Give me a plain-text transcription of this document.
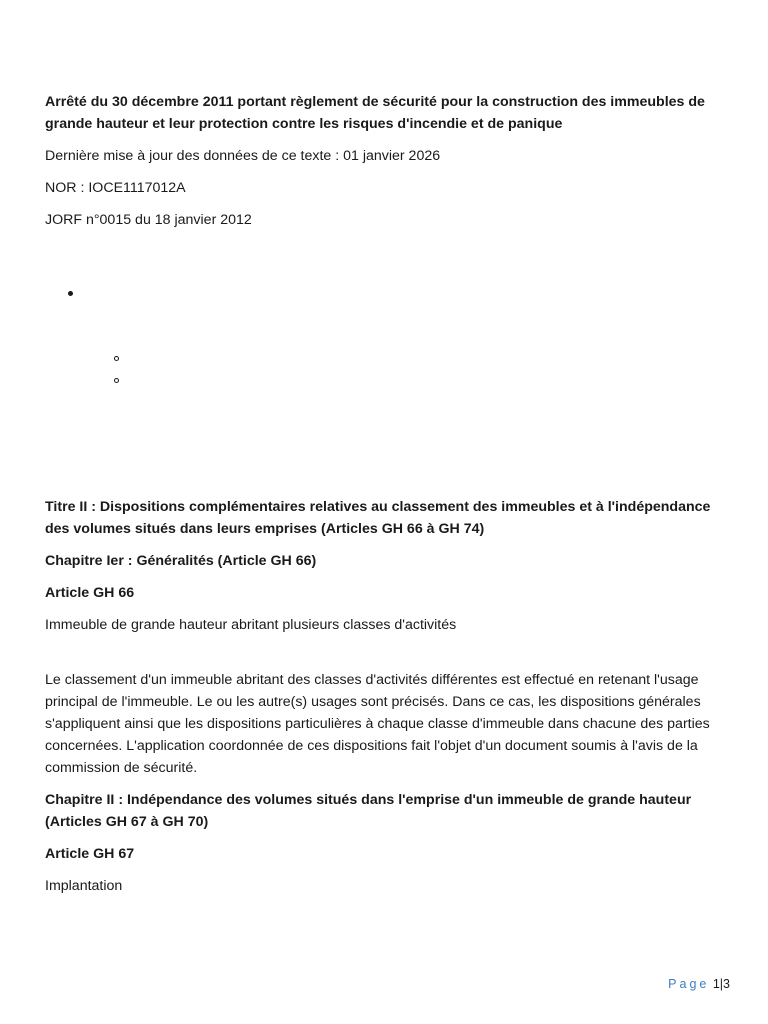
Arrêté du 30 décembre 2011 portant règlement de sécurité pour la construction des immeubles de grande hauteur et leur protection contre les risques d'incendie et de panique

Dernière mise à jour des données de ce texte : 01 janvier 2026

NOR : IOCE1117012A

JORF n°0015 du 18 janvier 2012

Titre II : Dispositions complémentaires relatives au classement des immeubles et à l'indépendance des volumes situés dans leurs emprises (Articles GH 66 à GH 74)

Chapitre Ier : Généralités (Article GH 66)

Article GH 66

Immeuble de grande hauteur abritant plusieurs classes d'activités

Le classement d'un immeuble abritant des classes d'activités différentes est effectué en retenant l'usage principal de l'immeuble. Le ou les autre(s) usages sont précisés. Dans ce cas, les dispositions générales s'appliquent ainsi que les dispositions particulières à chaque classe d'immeuble dans chacune des parties concernées. L'application coordonnée de ces dispositions fait l'objet d'un document soumis à l'avis de la commission de sécurité.

Chapitre II : Indépendance des volumes situés dans l'emprise d'un immeuble de grande hauteur (Articles GH 67 à GH 70)

Article GH 67

Implantation

Page 1|3
